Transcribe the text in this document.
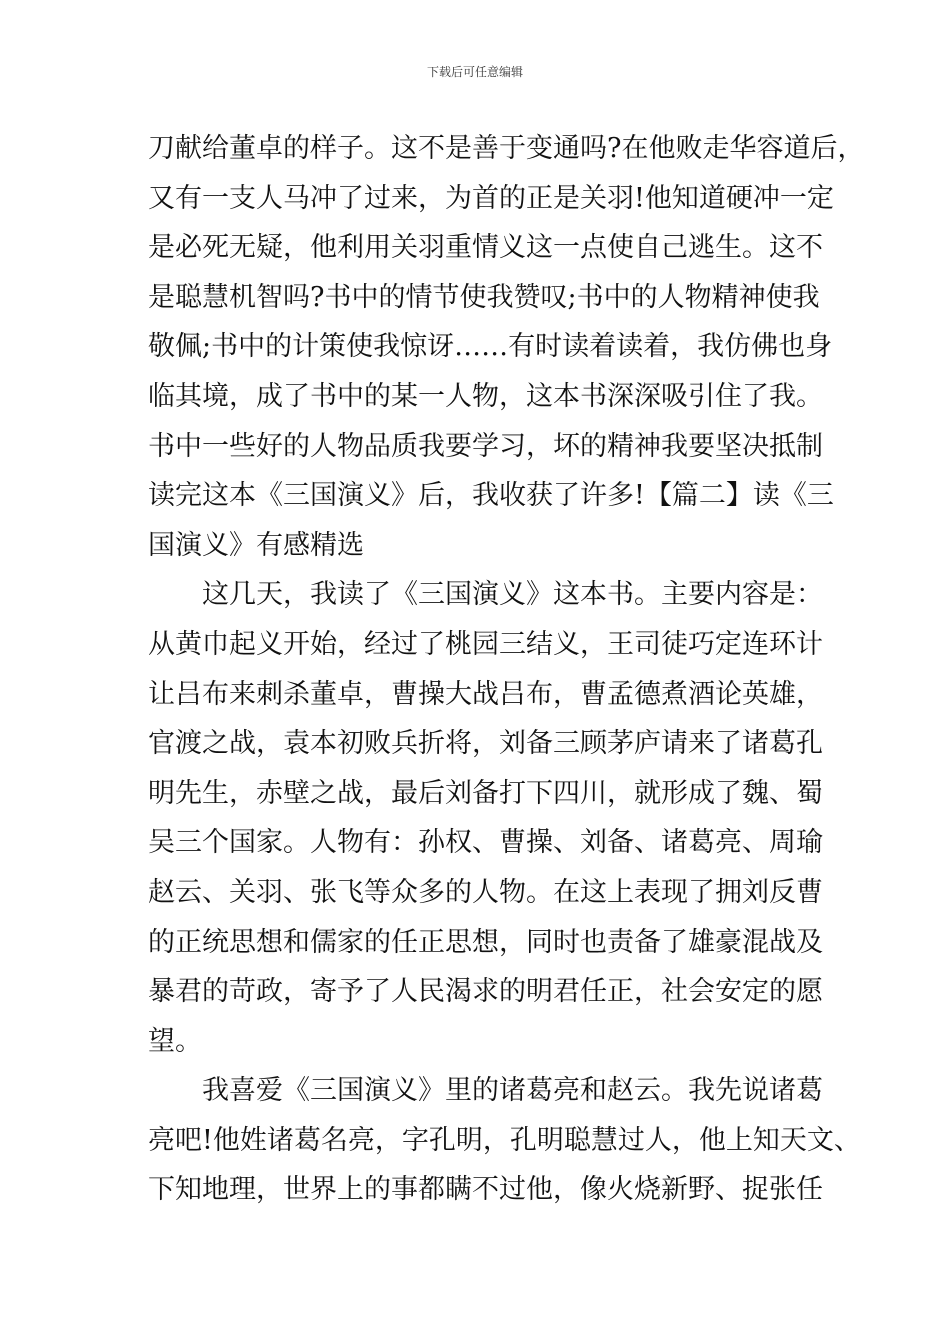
下载后可任意编辑
刀献给董卓的样子。这不是善于变通吗?在他败走华容道后，
又有一支人马冲了过来，为首的正是关羽!他知道硬冲一定
是必死无疑，他利用关羽重情义这一点使自己逃生。这不
是聪慧机智吗?书中的情节使我赞叹;书中的人物精神使我
敬佩;书中的计策使我惊讶……有时读着读着，我仿佛也身
临其境，成了书中的某一人物，这本书深深吸引住了我。
书中一些好的人物品质我要学习，坏的精神我要坚决抵制
读完这本《三国演义》后，我收获了许多!【篇二】读《三
国演义》有感精选
这几天，我读了《三国演义》这本书。主要内容是：
从黄巾起义开始，经过了桃园三结义，王司徒巧定连环计
让吕布来刺杀董卓，曹操大战吕布，曹孟德煮酒论英雄，
官渡之战，袁本初败兵折将，刘备三顾茅庐请来了诸葛孔
明先生，赤壁之战，最后刘备打下四川，就形成了魏、蜀
吴三个国家。人物有：孙权、曹操、刘备、诸葛亮、周瑜
赵云、关羽、张飞等众多的人物。在这上表现了拥刘反曹
的正统思想和儒家的任正思想，同时也责备了雄豪混战及
暴君的苛政，寄予了人民渴求的明君任正，社会安定的愿
望。
我喜爱《三国演义》里的诸葛亮和赵云。我先说诸葛
亮吧!他姓诸葛名亮，字孔明，孔明聪慧过人，他上知天文、
下知地理，世界上的事都瞒不过他，像火烧新野、捉张任
